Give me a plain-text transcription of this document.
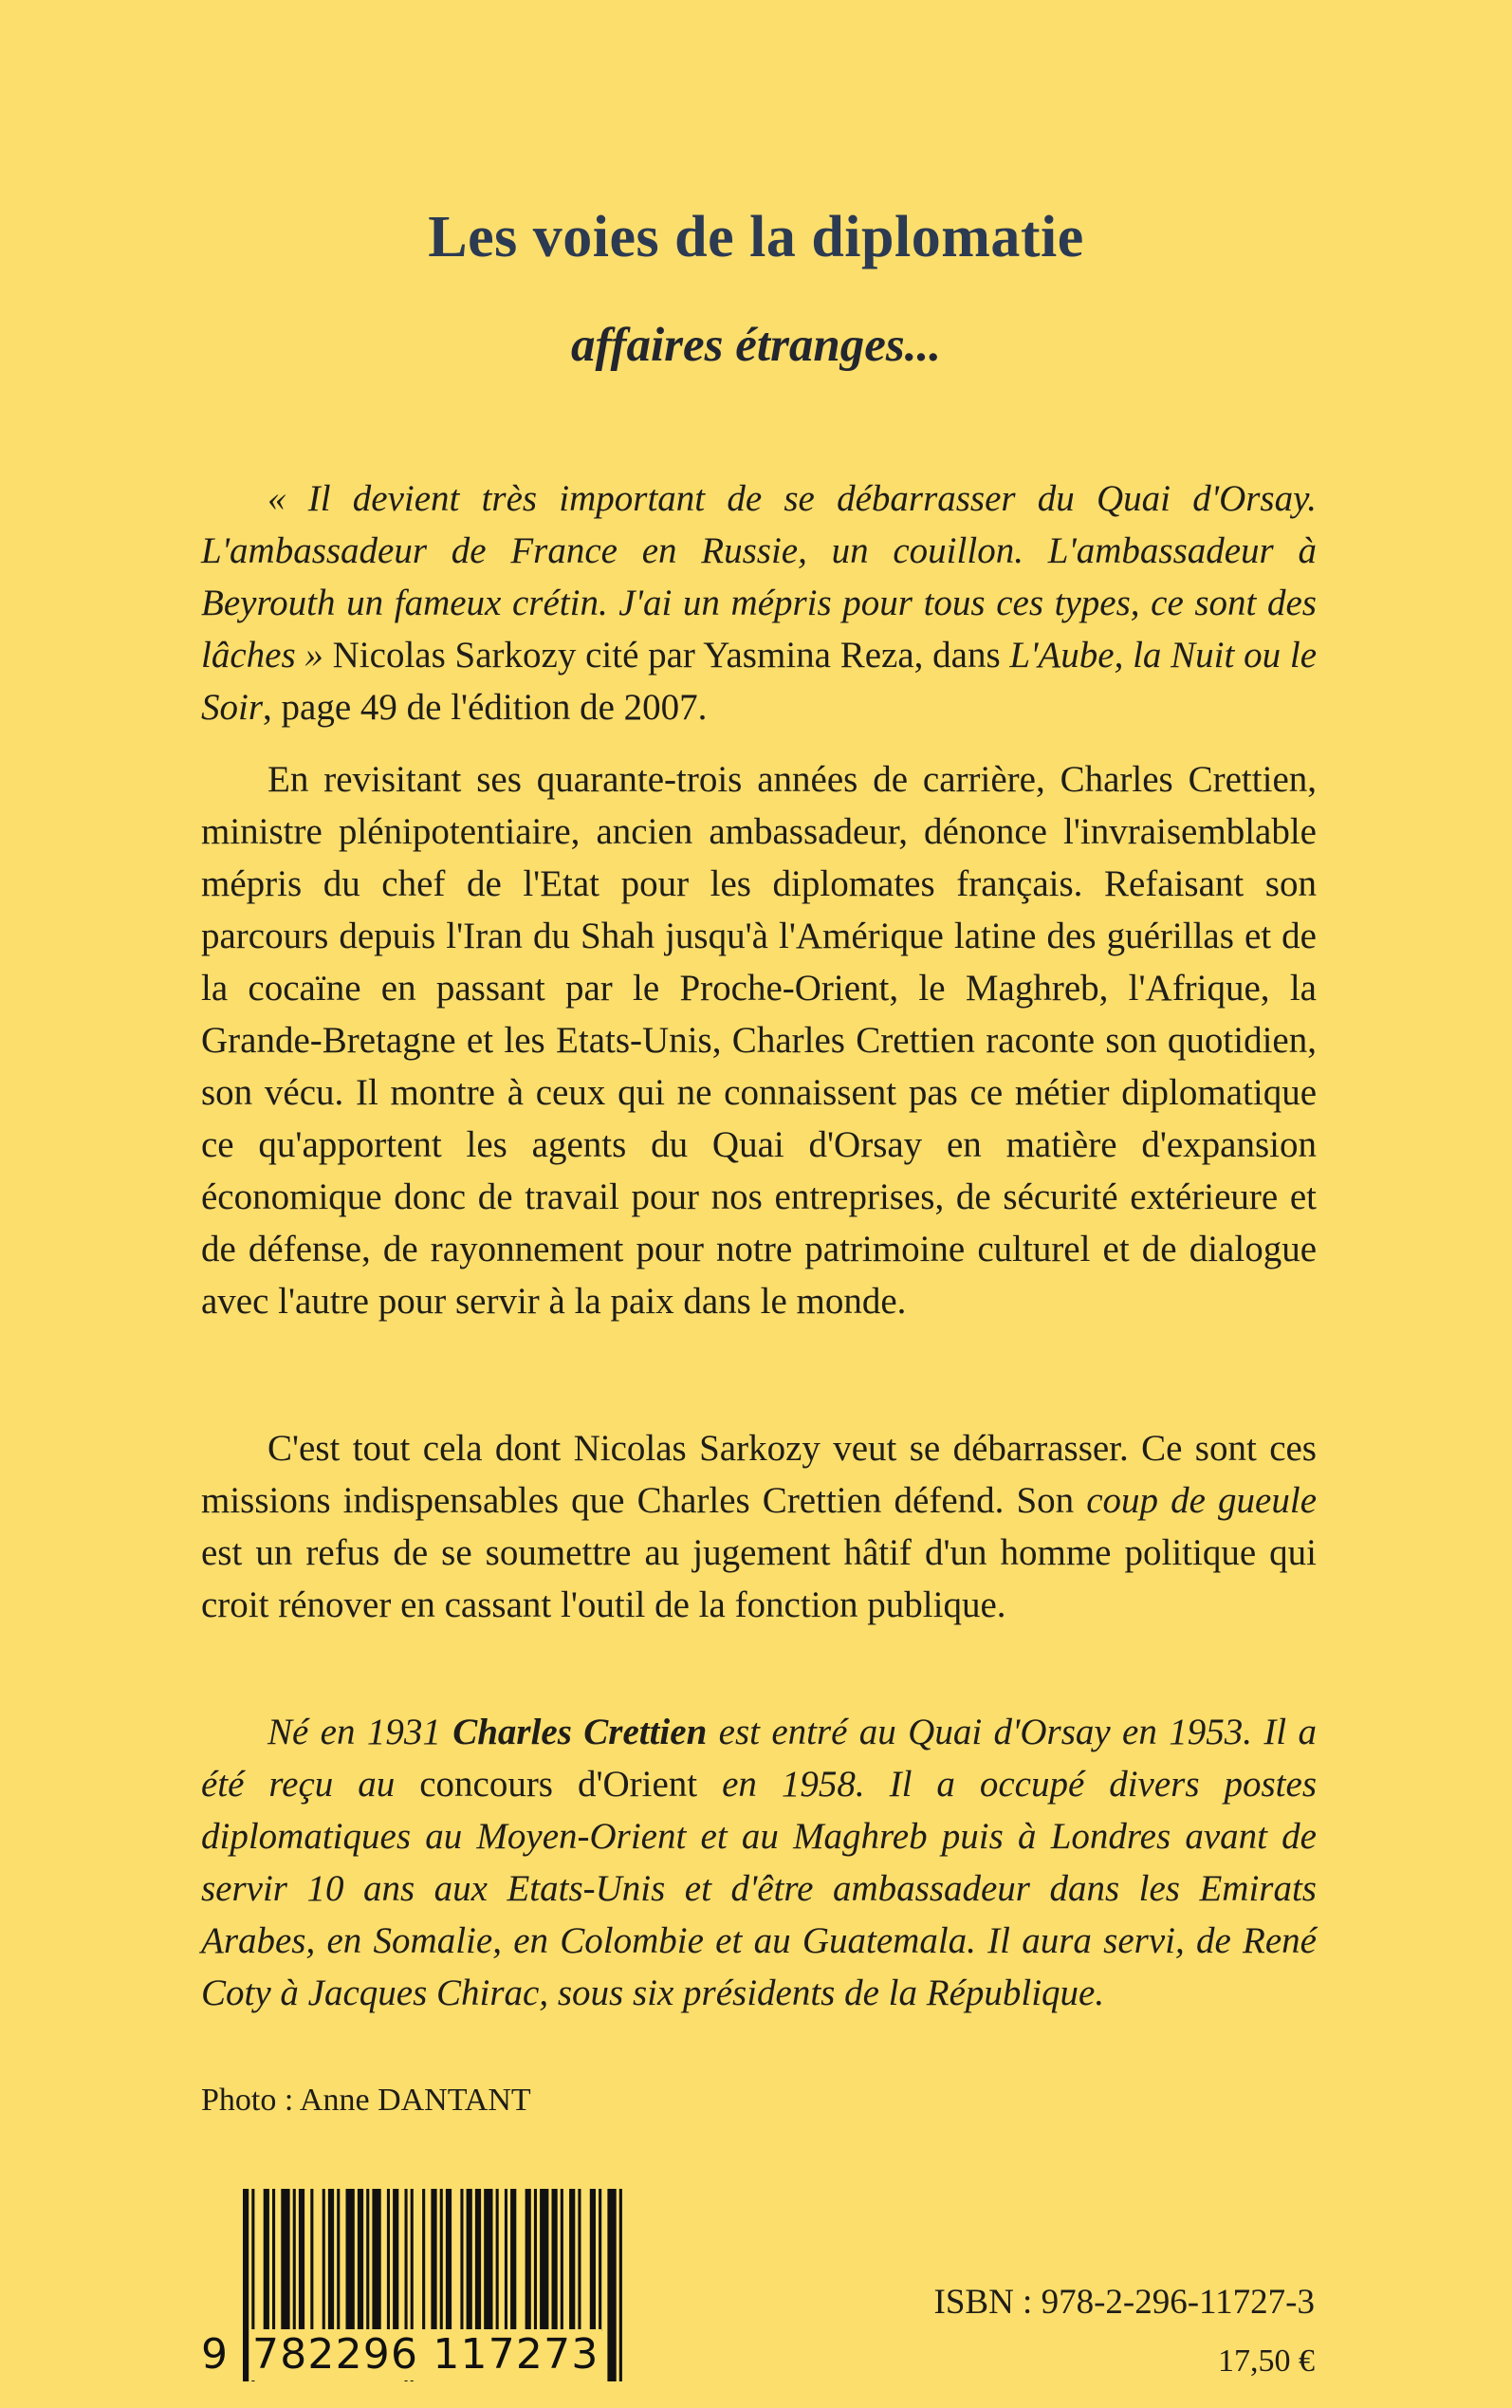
Les voies de la diplomatie
affaires étranges...

« Il devient très important de se débarrasser du Quai d'Orsay. L'ambassadeur de France en Russie, un couillon. L'ambassadeur à Beyrouth un fameux crétin. J'ai un mépris pour tous ces types, ce sont des lâches » Nicolas Sarkozy cité par Yasmina Reza, dans L'Aube, la Nuit ou le Soir, page 49 de l'édition de 2007.

En revisitant ses quarante-trois années de carrière, Charles Crettien, ministre plénipotentiaire, ancien ambassadeur, dénonce l'invraisemblable mépris du chef de l'Etat pour les diplomates français. Refaisant son parcours depuis l'Iran du Shah jusqu'à l'Amérique latine des guérillas et de la cocaïne en passant par le Proche-Orient, le Maghreb, l'Afrique, la Grande-Bretagne et les Etats-Unis, Charles Crettien raconte son quotidien, son vécu. Il montre à ceux qui ne connaissent pas ce métier diplomatique ce qu'apportent les agents du Quai d'Orsay en matière d'expansion économique donc de travail pour nos entreprises, de sécurité extérieure et de défense, de rayonnement pour notre patrimoine culturel et de dialogue avec l'autre pour servir à la paix dans le monde.

C'est tout cela dont Nicolas Sarkozy veut se débarrasser. Ce sont ces missions indispensables que Charles Crettien défend. Son coup de gueule est un refus de se soumettre au jugement hâtif d'un homme politique qui croit rénover en cassant l'outil de la fonction publique.

Né en 1931 Charles Crettien est entré au Quai d'Orsay en 1953. Il a été reçu au concours d'Orient en 1958. Il a occupé divers postes diplomatiques au Moyen-Orient et au Maghreb puis à Londres avant de servir 10 ans aux Etats-Unis et d'être ambassadeur dans les Emirats Arabes, en Somalie, en Colombie et au Guatemala. Il aura servi, de René Coty à Jacques Chirac, sous six présidents de la République.

Photo : Anne DANTANT

9 782296 117273

ISBN : 978-2-296-11727-3

17,50 €
